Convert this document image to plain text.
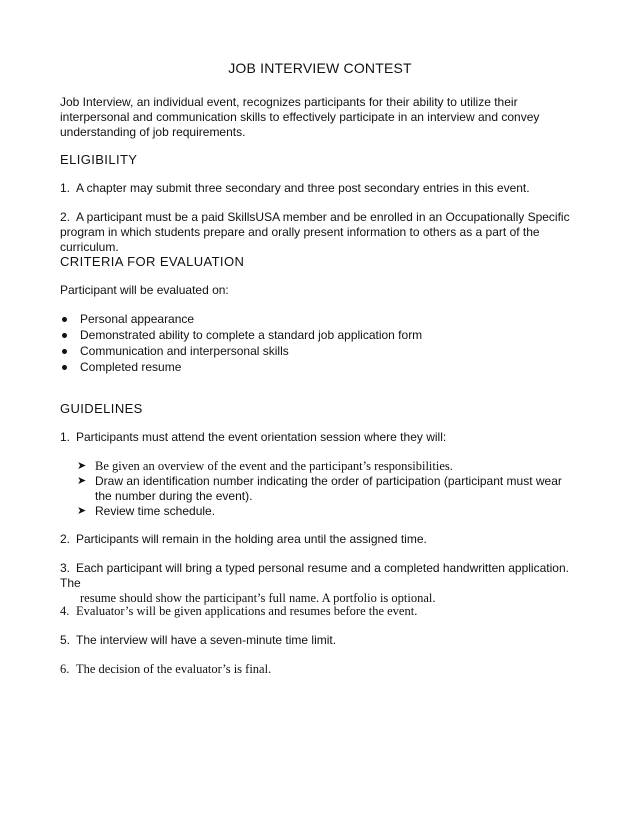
JOB INTERVIEW CONTEST
Job Interview, an individual event, recognizes participants for their ability to utilize their interpersonal and communication skills to effectively participate in an interview and convey understanding of job requirements.
ELIGIBILITY
1. A chapter may submit three secondary and three post secondary entries in this event.
2. A participant must be a paid SkillsUSA member and be enrolled in an Occupationally Specific program in which students prepare and orally present information to others as a part of the curriculum.
CRITERIA FOR EVALUATION
Participant will be evaluated on:
Personal appearance
Demonstrated ability to complete a standard job application form
Communication and interpersonal skills
Completed resume
GUIDELINES
1. Participants must attend the event orientation session where they will:
➤ Be given an overview of the event and the participant’s responsibilities.
➤ Draw an identification number indicating the order of participation (participant must wear the number during the event).
➤ Review time schedule.
2. Participants will remain in the holding area until the assigned time.
3. Each participant will bring a typed personal resume and a completed handwritten application. The
resume should show the participant’s full name. A portfolio is optional.
4. Evaluator’s will be given applications and resumes before the event.
5. The interview will have a seven-minute time limit.
6. The decision of the evaluator’s is final.
